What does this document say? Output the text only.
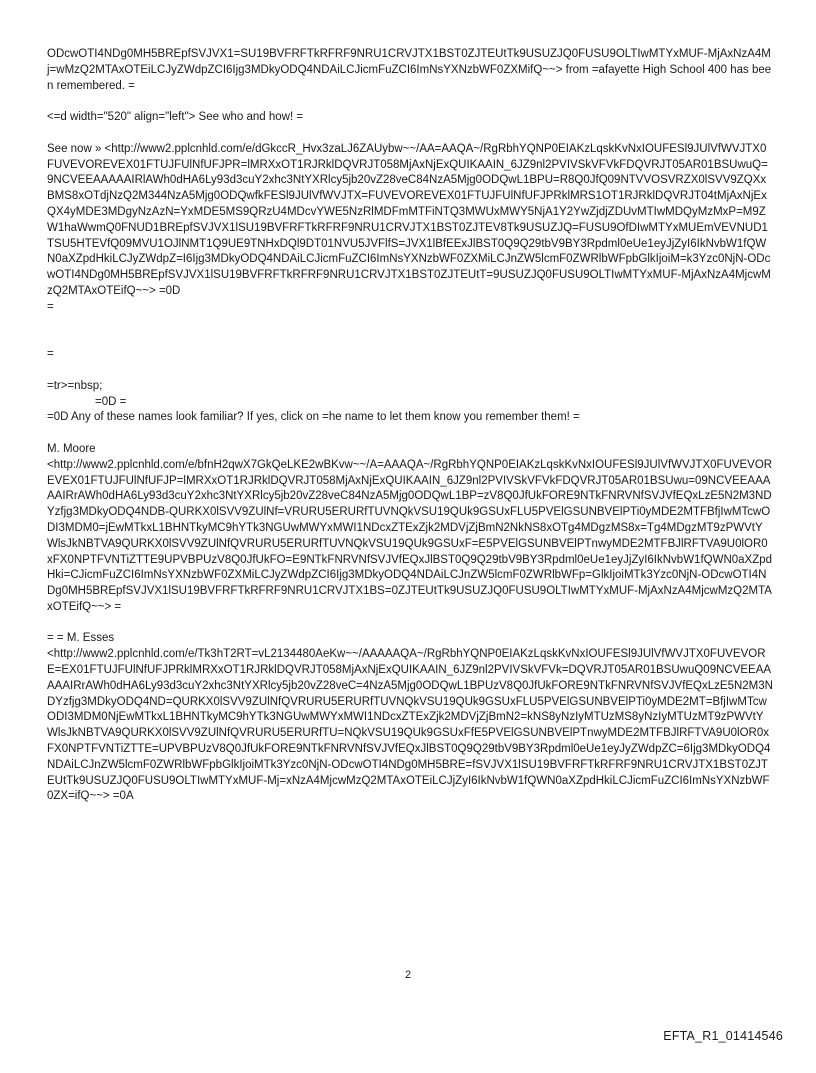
ODcwOTI4NDg0MH5BREpfSVJVX1=SU19BVFRFTkRFRF9NRU1CRVJTX1BST0ZJTEUtTk9USUZJQ0FUSU9OLTIwMTYxMUF-MjAxNzA4Mj=wMzQ2MTAxOTEiLCJyZWdpZCI6Ijg3MDkyODQ4NDAiLCJicmFuZCI6ImNsYXNzbWF0ZXMifQ~~> from =afayette High School 400 has been remembered. =

<=d width="520" align="left"> See who and how! =

See now » <http://www2.pplcnhld.com/e/dGkccR_Hvx3zaLJ6ZAUybw~~/AA=AAQA~/RgRbhYQNP0EIAKzLqskKvNxIOUFESl9JUlVfWVJTX0FUVEVOREVEX01FTUJFUlNfUFJPR=lMRXxOT1RJRklDQVRJT058MjAxNjExQUIKAAIN_6JZ9nl2PVIVSkVFVkFDQVRJT05AR01BSUwuQ=9NCVEEAAAAAIRlAWh0dHA6Ly93d3cuY2xhc3NtYXRlcy5jb20vZ28veC84NzA5Mjg0ODQwL1BPU=R8Q0JfQ09NTVVOSVRZX0lSVV9ZQXxBMS8xOTdjNzQ2M344NzA5Mjg0ODQwfkFESl9JUlVfWVJTX=FUVEVOREVEX01FTUJFUlNfUFJPRklMRS1OT1RJRklDQVRJT04tMjAxNjExQX4yMDE3MDgyNzAzN=YxMDE5MS9QRzU4MDcvYWE5NzRlMDFmMTFiNTQ3MWUxMWY5NjA1Y2YwZjdjZDUvMTIwMDQyMzMxP=M9ZW1haWwmQ0FNUD1BREpfSVJVX1lSU19BVFRFTkRFRF9NRU1CRVJTX1BST0ZJTEV8Tk9USUZJQ=FUSU9OfDIwMTYxMUEmVEVNUD1TSU5HTEVfQ09MVU1OJlNMT1Q9UE9TNHxDQl9DT01NVU5JVFlfS=JVX1lBfEExJlBST0Q9Q29tbV9BY3Rpdml0eUe1eyJjZyI6IkNvbW1fQWN0aXZpdHkiLCJyZWdpZ=I6Ijg3MDkyODQ4NDAiLCJicmFuZCI6ImNsYXNzbWF0ZXMiLCJnZW5lcmF0ZWRlbWFpbGlkIjoiM=k3Yzc0NjN-ODcwOTI4NDg0MH5BREpfSVJVX1lSU19BVFRFTkRFRF9NRU1CRVJTX1BST0ZJTEUtT=9USUZJQ0FUSU9OLTIwMTYxMUF-MjAxNzA4MjcwMzQ2MTAxOTEifQ~~> =0D

=

=

=tr>=nbsp;

=0D =

=0D Any of these names look familiar? If yes, click on =he name to let them know you remember them! =

M. Moore

<http://www2.pplcnhld.com/e/bfnH2qwX7GkQeLKE2wBKvw~~/A=AAAQA~/RgRbhYQNP0EIAKzLqskKvNxIOUFESl9JUlVfWVJTX0FUVEVOREVEX01FTUJFUlNfUFJP=lMRXxOT1RJRklDQVRJT058MjAxNjExQUIKAAIN_6JZ9nl2PVIVSkVFVkFDQVRJT05AR01BSUwu=09NCVEEAAAAAIRrAWh0dHA6Ly93d3cuY2xhc3NtYXRlcy5jb20vZ28veC84NzA5Mjg0ODQwL1BP=zV8Q0JfUkFORE9NTkFNRVNfSVJVfEQxLzE5N2M3NDYzfjg3MDkyODQ4NDB-QURKX0lSVV9ZUlNf=VRURU5ERURfTUVNQkVSU19QUk9GSUxFLU5PVElGSUNBVElPTi0yMDE2MTFBfjIwMTcwODI3MDM0=jEwMTkxL1BHNTkyMC9hYTk3NGUwMWYxMWI1NDcxZTExZjk2MDVjZjBmN2NkNS8xOTg4MDgzMS8x=Tg4MDgzMT9zPWVtYWlsJkNBTVA9QURKX0lSVV9ZUlNfQVRURU5ERURfTUVNQkVSU19QUk9GSUxF=E5PVElGSUNBVElPTnwyMDE2MTFBJlRFTVA9U0lOR0xFX0NPTFVNTiZTTE9UPVBPUzV8Q0JfUkFO=E9NTkFNRVNfSVJVfEQxJlBST0Q9Q29tbV9BY3Rpdml0eUe1eyJjZyI6IkNvbW1fQWN0aXZpdHki=CJicmFuZCI6ImNsYXNzbWF0ZXMiLCJyZWdpZCI6Ijg3MDkyODQ4NDAiLCJnZW5lcmF0ZWRlbWFp=GlkIjoiMTk3Yzc0NjN-ODcwOTI4NDg0MH5BREpfSVJVX1lSU19BVFRFTkRFRF9NRU1CRVJTX1BS=0ZJTEUtTk9USUZJQ0FUSU9OLTIwMTYxMUF-MjAxNzA4MjcwMzQ2MTAxOTEifQ~~> =

= = M. Esses

<http://www2.pplcnhld.com/e/Tk3hT2RT=vL2134480AeKw~~/AAAAAQA~/RgRbhYQNP0EIAKzLqskKvNxIOUFESl9JUlVfWVJTX0FUVEVORE=EX01FTUJFUlNfUFJPRklMRXxOT1RJRklDQVRJT058MjAxNjExQUIKAAIN_6JZ9nl2PVIVSkVFVk=DQVRJT05AR01BSUwuQ09NCVEEAAAAAIRrAWh0dHA6Ly93d3cuY2xhc3NtYXRlcy5jb20vZ28veC=4NzA5Mjg0ODQwL1BPUzV8Q0JfUkFORE9NTkFNRVNfSVJVfEQxLzE5N2M3NDYzfjg3MDkyODQ4ND=QURKX0lSVV9ZUlNfQVRURU5ERURfTUVNQkVSU19QUk9GSUxFLU5PVElGSUNBVElPTi0yMDE2MT=BfjIwMTcwODI3MDM0NjEwMTkxL1BHNTkyMC9hYTk3NGUwMWYxMWI1NDcxZTExZjk2MDVjZjBmN2=kNS8yNzIyMTUzMS8yNzIyMTUzMT9zPWVtYWlsJkNBTVA9QURKX0lSVV9ZUlNfQVRURU5ERURfTU=NQkVSU19QUk9GSUxFfE5PVElGSUNBVElPTnwyMDE2MTFBJlRFTVA9U0lOR0xFX0NPTFVNTiZTTE=UPVBPUzV8Q0JfUkFORE9NTkFNRVNfSVJVfEQxJlBST0Q9Q29tbV9BY3Rpdml0eUe1eyJyZWdpZC=6Ijg3MDkyODQ4NDAiLCJnZW5lcmF0ZWRlbWFpbGlkIjoiMTk3Yzc0NjN-ODcwOTI4NDg0MH5BRE=fSVJVX1lSU19BVFRFTkRFRF9NRU1CRVJTX1BST0ZJTEUtTk9USUZJQ0FUSU9OLTIwMTYxMUF-Mj=xNzA4MjcwMzQ2MTAxOTEiLCJjZyI6IkNvbW1fQWN0aXZpdHkiLCJicmFuZCI6ImNsYXNzbWF0ZX=ifQ~~> =0A

2
EFTA_R1_01414546
